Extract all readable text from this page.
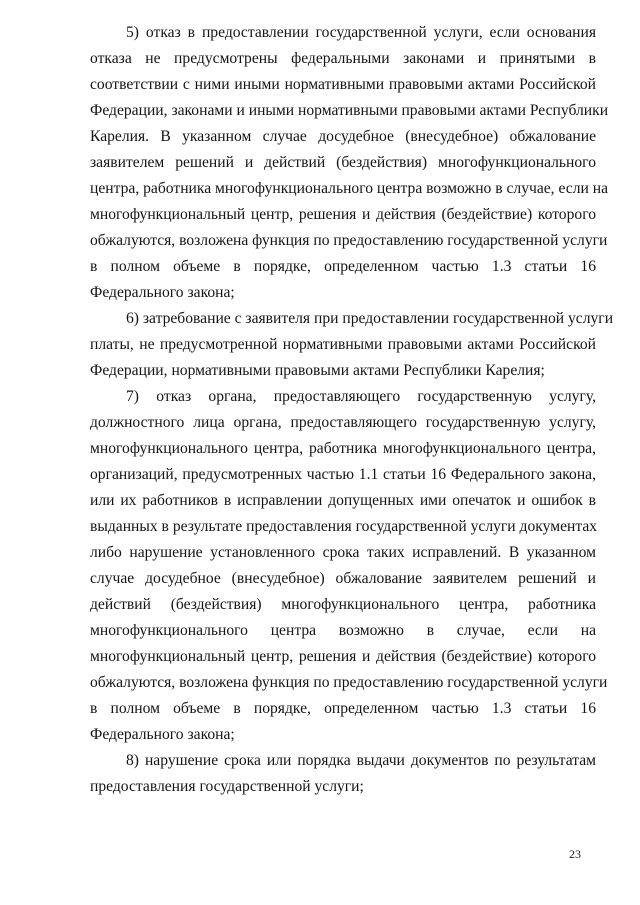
5) отказ в предоставлении государственной услуги, если основания
отказа не предусмотрены федеральными законами и принятыми в
соответствии с ними иными нормативными правовыми актами Российской
Федерации, законами и иными нормативными правовыми актами Республики
Карелия. В указанном случае досудебное (внесудебное) обжалование
заявителем решений и действий (бездействия) многофункционального
центра, работника многофункционального центра возможно в случае, если на
многофункциональный центр, решения и действия (бездействие) которого
обжалуются, возложена функция по предоставлению государственной услуги
в полном объеме в порядке, определенном частью 1.3 статьи 16
Федерального закона;
6) затребование с заявителя при предоставлении государственной услуги
платы, не предусмотренной нормативными правовыми актами Российской
Федерации, нормативными правовыми актами Республики Карелия;
7) отказ органа, предоставляющего государственную услугу,
должностного лица органа, предоставляющего государственную услугу,
многофункционального центра, работника многофункционального центра,
организаций, предусмотренных частью 1.1 статьи 16 Федерального закона,
или их работников в исправлении допущенных ими опечаток и ошибок в
выданных в результате предоставления государственной услуги документах
либо нарушение установленного срока таких исправлений. В указанном
случае досудебное (внесудебное) обжалование заявителем решений и
действий (бездействия) многофункционального центра, работника
многофункционального центра возможно в случае, если на
многофункциональный центр, решения и действия (бездействие) которого
обжалуются, возложена функция по предоставлению государственной услуги
в полном объеме в порядке, определенном частью 1.3 статьи 16
Федерального закона;
8) нарушение срока или порядка выдачи документов по результатам
предоставления государственной услуги;
23
